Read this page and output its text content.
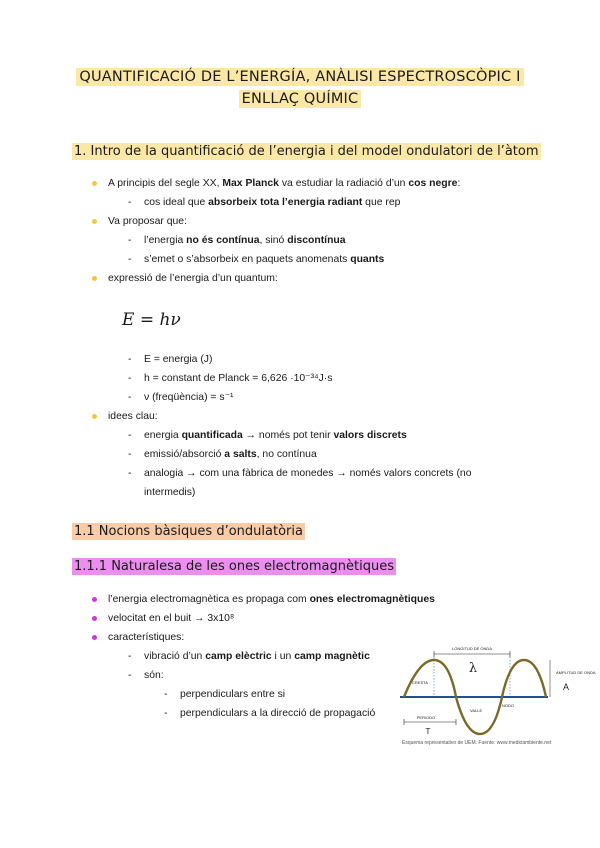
QUANTIFICACIÓ DE L’ENERGÍA, ANÀLISI ESPECTROSCÒPIC I
ENLLAÇ QUÍMIC
1. Intro de la quantificació de l’energia i del model ondulatori de l’àtom
A principis del segle XX, Max Planck va estudiar la radiació d’un cos negre:
- cos ideal que absorbeix tota l’energia radiant que rep
Va proposar que:
- l’energia no és contínua, sinó discontínua
- s’emet o s’absorbeix en paquets anomenats quants
expressió de l’energia d’un quantum:
E = hν
- E = energia (J)
- h = constant de Planck = 6,626 ·10⁻³⁴J·s
- ν (freqüència) = s⁻¹
idees clau:
- energia quantificada → només pot tenir valors discrets
- emissió/absorció a salts, no contínua
- analogia → com una fàbrica de monedes → només valors concrets (no
intermedis)
1.1 Nocions bàsiques d’ondulatòria
1.1.1 Naturalesa de les ones electromagnètiques
l’energia electromagnètica es propaga com ones electromagnètiques
velocitat en el buit → 3x10⁸
característiques:
- vibració d’un camp elèctric i un camp magnètic
- són:
- perpendiculars entre si
- perpendiculars a la direcció de propagació
LONGITUD DE ONDA
λ
CRESTA
VALLE
NODO
AMPLITUD DE ONDA
A
PERIODO
T
Esquema representativo de UEM. Fuente: www.medioambiente.net
